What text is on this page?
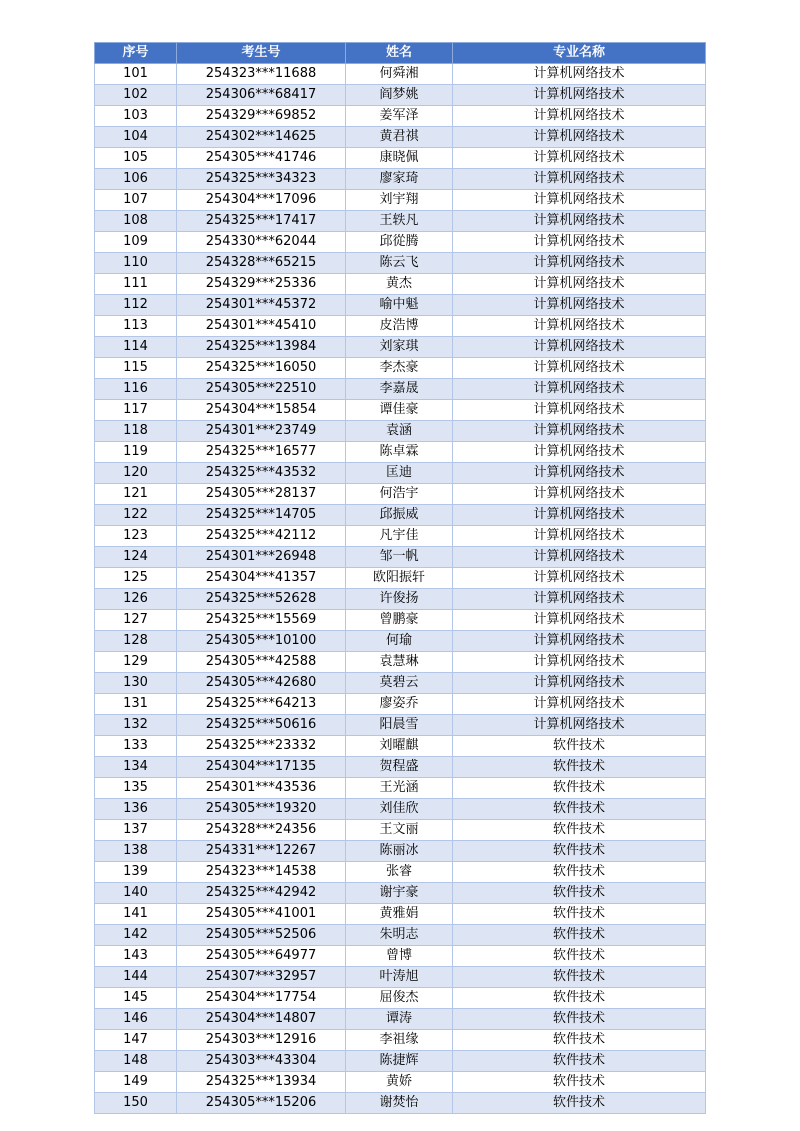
序号	考生号	姓名	专业名称
101	254323***11688	何舜湘	计算机网络技术
102	254306***68417	阎梦姚	计算机网络技术
103	254329***69852	姜军泽	计算机网络技术
104	254302***14625	黄君祺	计算机网络技术
105	254305***41746	康晓佩	计算机网络技术
106	254325***34323	廖家琦	计算机网络技术
107	254304***17096	刘宇翔	计算机网络技术
108	254325***17417	王轶凡	计算机网络技术
109	254330***62044	邱從腾	计算机网络技术
110	254328***65215	陈云飞	计算机网络技术
111	254329***25336	黄杰	计算机网络技术
112	254301***45372	喻中魁	计算机网络技术
113	254301***45410	皮浩博	计算机网络技术
114	254325***13984	刘家琪	计算机网络技术
115	254325***16050	李杰豪	计算机网络技术
116	254305***22510	李嘉晟	计算机网络技术
117	254304***15854	谭佳豪	计算机网络技术
118	254301***23749	袁涵	计算机网络技术
119	254325***16577	陈卓霖	计算机网络技术
120	254325***43532	匡迪	计算机网络技术
121	254305***28137	何浩宇	计算机网络技术
122	254325***14705	邱振威	计算机网络技术
123	254325***42112	凡宇佳	计算机网络技术
124	254301***26948	邹一帆	计算机网络技术
125	254304***41357	欧阳振轩	计算机网络技术
126	254325***52628	许俊扬	计算机网络技术
127	254325***15569	曾鹏豪	计算机网络技术
128	254305***10100	何瑜	计算机网络技术
129	254305***42588	袁慧琳	计算机网络技术
130	254305***42680	莫碧云	计算机网络技术
131	254325***64213	廖姿乔	计算机网络技术
132	254325***50616	阳晨雪	计算机网络技术
133	254325***23332	刘曜麒	软件技术
134	254304***17135	贺程盛	软件技术
135	254301***43536	王光涵	软件技术
136	254305***19320	刘佳欣	软件技术
137	254328***24356	王文丽	软件技术
138	254331***12267	陈丽冰	软件技术
139	254323***14538	张睿	软件技术
140	254325***42942	谢宇豪	软件技术
141	254305***41001	黄雅娟	软件技术
142	254305***52506	朱明志	软件技术
143	254305***64977	曾博	软件技术
144	254307***32957	叶涛旭	软件技术
145	254304***17754	屈俊杰	软件技术
146	254304***14807	谭涛	软件技术
147	254303***12916	李祖缘	软件技术
148	254303***43304	陈捷辉	软件技术
149	254325***13934	黄娇	软件技术
150	254305***15206	谢焚怡	软件技术
